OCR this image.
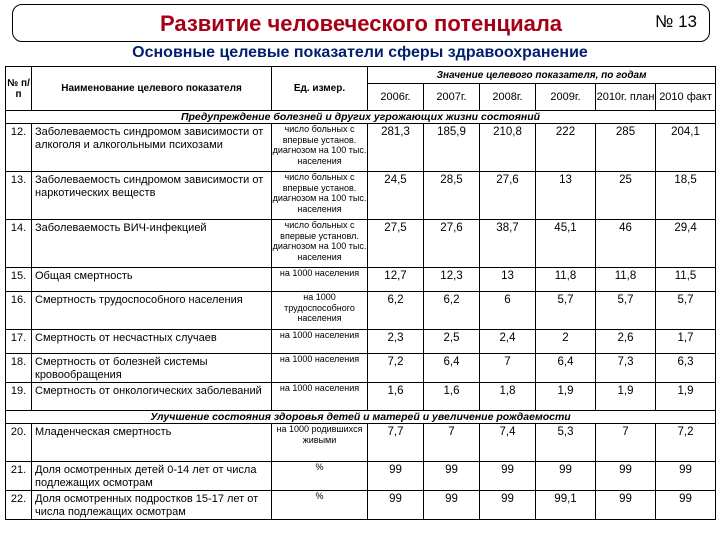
Развитие человеческого потенциала	№ 13
Основные целевые показатели сферы здравоохранение
№ п/п	Наименование целевого показателя	Ед. измер.	Значение целевого показателя, по годам					
			2006г.	2007г.	2008г.	2009г.	2010г. план	2010 факт
Предупреждение болезней и других угрожающих жизни состояний								
12.	Заболеваемость синдромом зависимости от алкоголя и алкогольными психозами	число больных с впервые установ. диагнозом на 100 тыс. населения	281,3	185,9	210,8	222	285	204,1
13.	Заболеваемость синдромом зависимости от наркотических веществ	число больных с впервые установ. диагнозом на 100 тыс. населения	24,5	28,5	27,6	13	25	18,5
14.	Заболеваемость ВИЧ-инфекцией	число больных с впервые установл. диагнозом на 100 тыс. населения	27,5	27,6	38,7	45,1	46	29,4
15.	Общая смертность	на 1000 населения	12,7	12,3	13	11,8	11,8	11,5
16.	Смертность трудоспособного населения	на 1000 трудоспособного населения	6,2	6,2	6	5,7	5,7	5,7
17.	Смертность от несчастных случаев	на 1000 населения	2,3	2,5	2,4	2	2,6	1,7
18.	Смертность от болезней системы кровообращения	на 1000 населения	7,2	6,4	7	6,4	7,3	6,3
19.	Смертность от онкологических заболеваний	на 1000 населения	1,6	1,6	1,8	1,9	1,9	1,9
Улучшение состояния здоровья детей и матерей и увеличение рождаемости								
20.	Младенческая смертность	на 1000 родившихся живыми	7,7	7	7,4	5,3	7	7,2
21.	Доля осмотренных детей 0-14 лет от числа подлежащих осмотрам	%	99	99	99	99	99	99
22.	Доля осмотренных подростков 15-17 лет от числа подлежащих осмотрам	%	99	99	99	99,1	99	99
